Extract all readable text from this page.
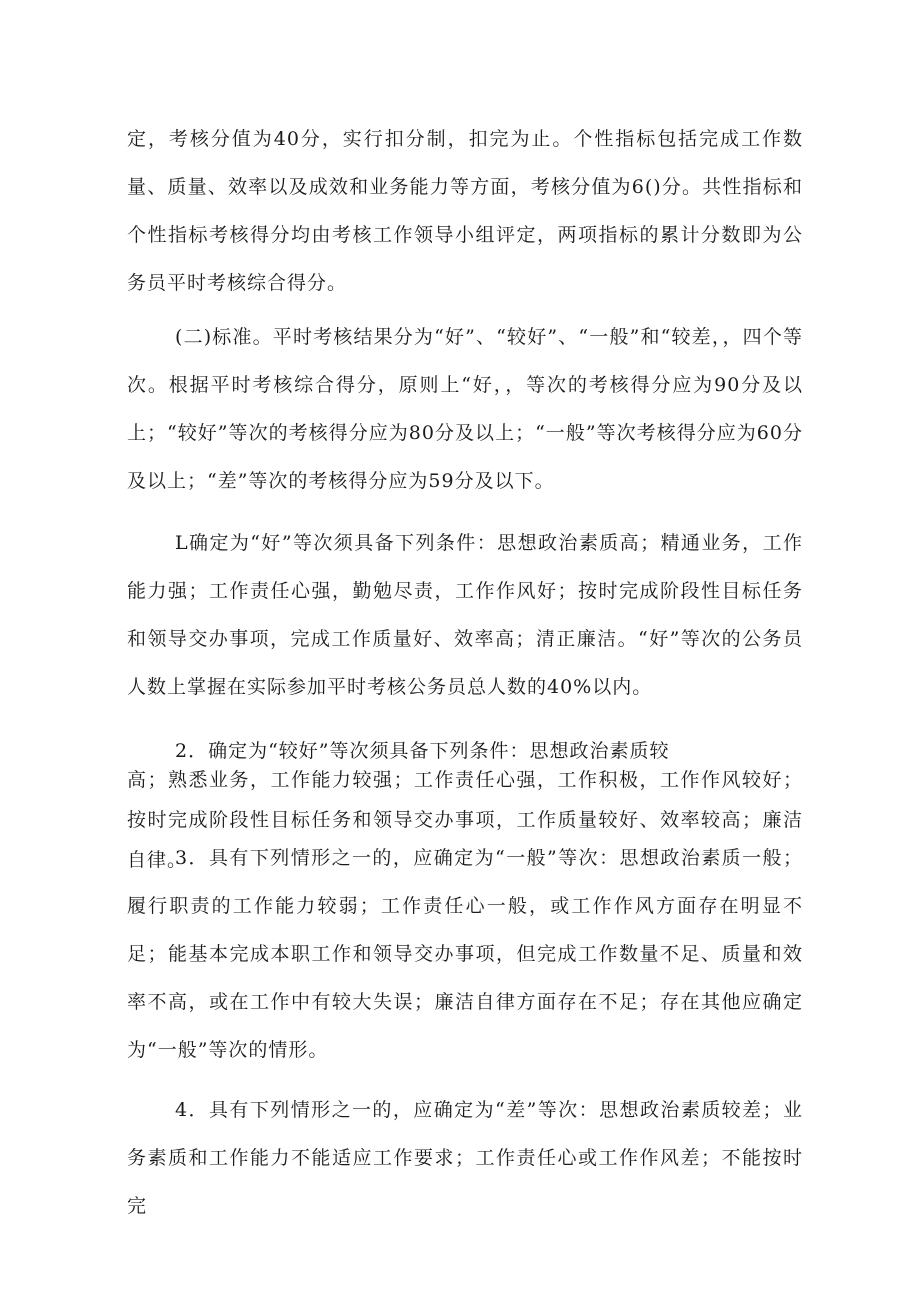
定，考核分值为40分，实行扣分制，扣完为止。个性指标包括完成工作数量、质量、效率以及成效和业务能力等方面，考核分值为6()分。共性指标和个性指标考核得分均由考核工作领导小组评定，两项指标的累计分数即为公务员平时考核综合得分。

(二)标准。平时考核结果分为“好”、“较好”、“一般”和“较差，，四个等次。根据平时考核综合得分，原则上“好，，等次的考核得分应为90分及以上；“较好”等次的考核得分应为80分及以上；“一般”等次考核得分应为60分及以上；“差”等次的考核得分应为59分及以下。

L确定为“好”等次须具备下列条件：思想政治素质高；精通业务，工作能力强；工作责任心强，勤勉尽责，工作作风好；按时完成阶段性目标任务和领导交办事项，完成工作质量好、效率高；清正廉洁。“好”等次的公务员人数上掌握在实际参加平时考核公务员总人数的40%以内。

2．确定为“较好”等次须具备下列条件：思想政治素质较

高；熟悉业务，工作能力较强；工作责任心强，工作积极，工作作风较好；按时完成阶段性目标任务和领导交办事项，工作质量较好、效率较高；廉洁自律。

3．具有下列情形之一的，应确定为“一般”等次：思想政治素质一般；履行职责的工作能力较弱；工作责任心一般，或工作作风方面存在明显不足；能基本完成本职工作和领导交办事项，但完成工作数量不足、质量和效率不高，或在工作中有较大失误；廉洁自律方面存在不足；存在其他应确定为“一般”等次的情形。

4．具有下列情形之一的，应确定为“差”等次：思想政治素质较差；业务素质和工作能力不能适应工作要求；工作责任心或工作作风差；不能按时完
